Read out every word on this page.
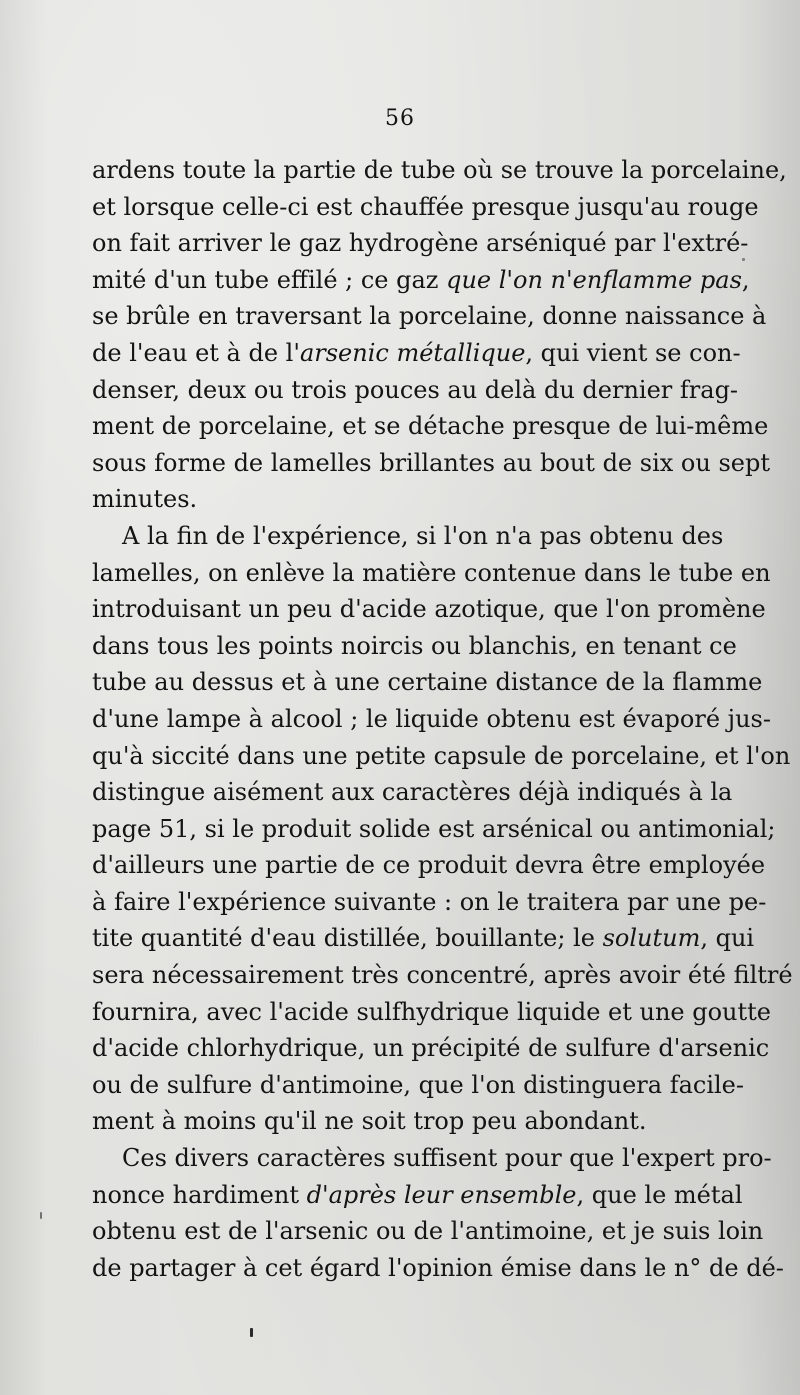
56
ardens toute la partie de tube où se trouve la porcelaine,
et lorsque celle-ci est chauffée presque jusqu'au rouge
on fait arriver le gaz hydrogène arséniqué par l'extré-
mité d'un tube effilé ; ce gaz que l'on n'enflamme pas,
se brûle en traversant la porcelaine, donne naissance à
de l'eau et à de l'arsenic métallique, qui vient se con-
denser, deux ou trois pouces au delà du dernier frag-
ment de porcelaine, et se détache presque de lui-même
sous forme de lamelles brillantes au bout de six ou sept
minutes.
A la fin de l'expérience, si l'on n'a pas obtenu des
lamelles, on enlève la matière contenue dans le tube en
introduisant un peu d'acide azotique, que l'on promène
dans tous les points noircis ou blanchis, en tenant ce
tube au dessus et à une certaine distance de la flamme
d'une lampe à alcool ; le liquide obtenu est évaporé jus-
qu'à siccité dans une petite capsule de porcelaine, et l'on
distingue aisément aux caractères déjà indiqués à la
page 51, si le produit solide est arsénical ou antimonial;
d'ailleurs une partie de ce produit devra être employée
à faire l'expérience suivante : on le traitera par une pe-
tite quantité d'eau distillée, bouillante; le solutum, qui
sera nécessairement très concentré, après avoir été filtré
fournira, avec l'acide sulfhydrique liquide et une goutte
d'acide chlorhydrique, un précipité de sulfure d'arsenic
ou de sulfure d'antimoine, que l'on distinguera facile-
ment à moins qu'il ne soit trop peu abondant.
Ces divers caractères suffisent pour que l'expert pro-
nonce hardiment d'après leur ensemble, que le métal
obtenu est de l'arsenic ou de l'antimoine, et je suis loin
de partager à cet égard l'opinion émise dans le n° de dé-
